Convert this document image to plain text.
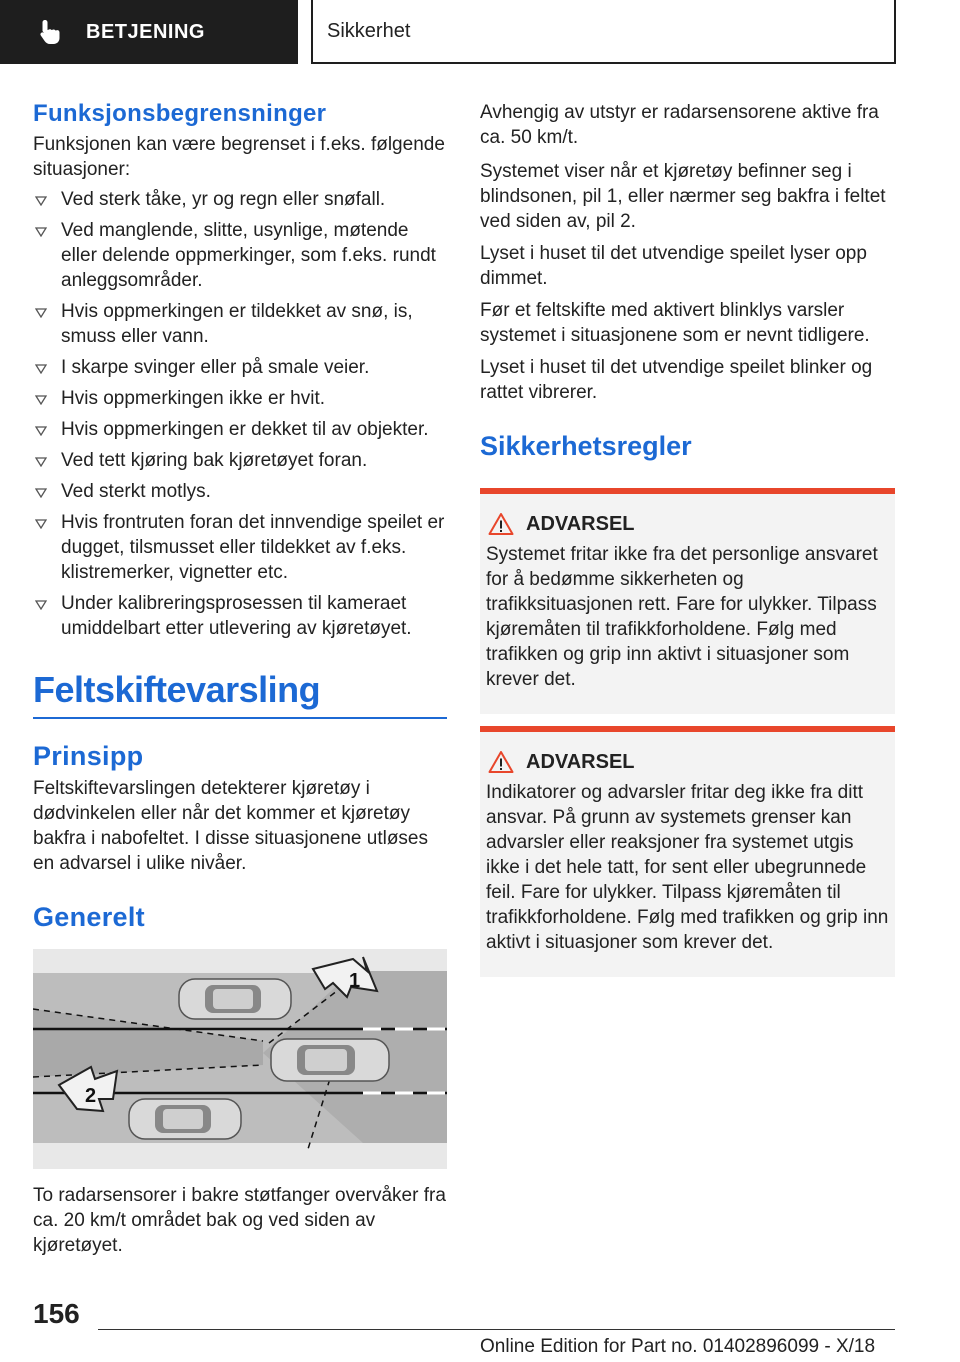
BETJENING	Sikkerhet
Funksjonsbegrensninger
Funksjonen kan være begrenset i f.eks. følgende situasjoner:
Ved sterk tåke, yr og regn eller snøfall.
Ved manglende, slitte, usynlige, møtende eller delende oppmerkinger, som f.eks. rundt anleggsområder.
Hvis oppmerkingen er tildekket av snø, is, smuss eller vann.
I skarpe svinger eller på smale veier.
Hvis oppmerkingen ikke er hvit.
Hvis oppmerkingen er dekket til av objekter.
Ved tett kjøring bak kjøretøyet foran.
Ved sterkt motlys.
Hvis frontruten foran det innvendige speilet er dugget, tilsmusset eller tildekket av f.eks. klistremerker, vignetter etc.
Under kalibreringsprosessen til kameraet umiddelbart etter utlevering av kjøretøyet.
Feltskiftevarsling
Prinsipp
Feltskiftevarslingen detekterer kjøretøy i dødvinkelen eller når det kommer et kjøretøy bakfra i nabofeltet. I disse situasjonene utløses en advarsel i ulike nivåer.
Generelt
1
2
To radarsensorer i bakre støtfanger overvåker fra ca. 20 km/t området bak og ved siden av kjøretøyet.
Avhengig av utstyr er radarsensorene aktive fra ca. 50 km/t.
Systemet viser når et kjøretøy befinner seg i blindsonen, pil 1, eller nærmer seg bakfra i feltet ved siden av, pil 2.
Lyset i huset til det utvendige speilet lyser opp dimmet.
Før et feltskifte med aktivert blinklys varsler systemet i situasjonene som er nevnt tidligere.
Lyset i huset til det utvendige speilet blinker og rattet vibrerer.
Sikkerhetsregler
ADVARSEL
Systemet fritar ikke fra det personlige ansvaret for å bedømme sikkerheten og trafikksituasjonen rett. Fare for ulykker. Tilpass kjøremåten til trafikkforholdene. Følg med trafikken og grip inn aktivt i situasjoner som krever det.
ADVARSEL
Indikatorer og advarsler fritar deg ikke fra ditt ansvar. På grunn av systemets grenser kan advarsler eller reaksjoner fra systemet utgis ikke i det hele tatt, for sent eller ubegrunnede feil. Fare for ulykker. Tilpass kjøremåten til trafikkforholdene. Følg med trafikken og grip inn aktivt i situasjoner som krever det.
156
Online Edition for Part no. 01402896099 - X/18
